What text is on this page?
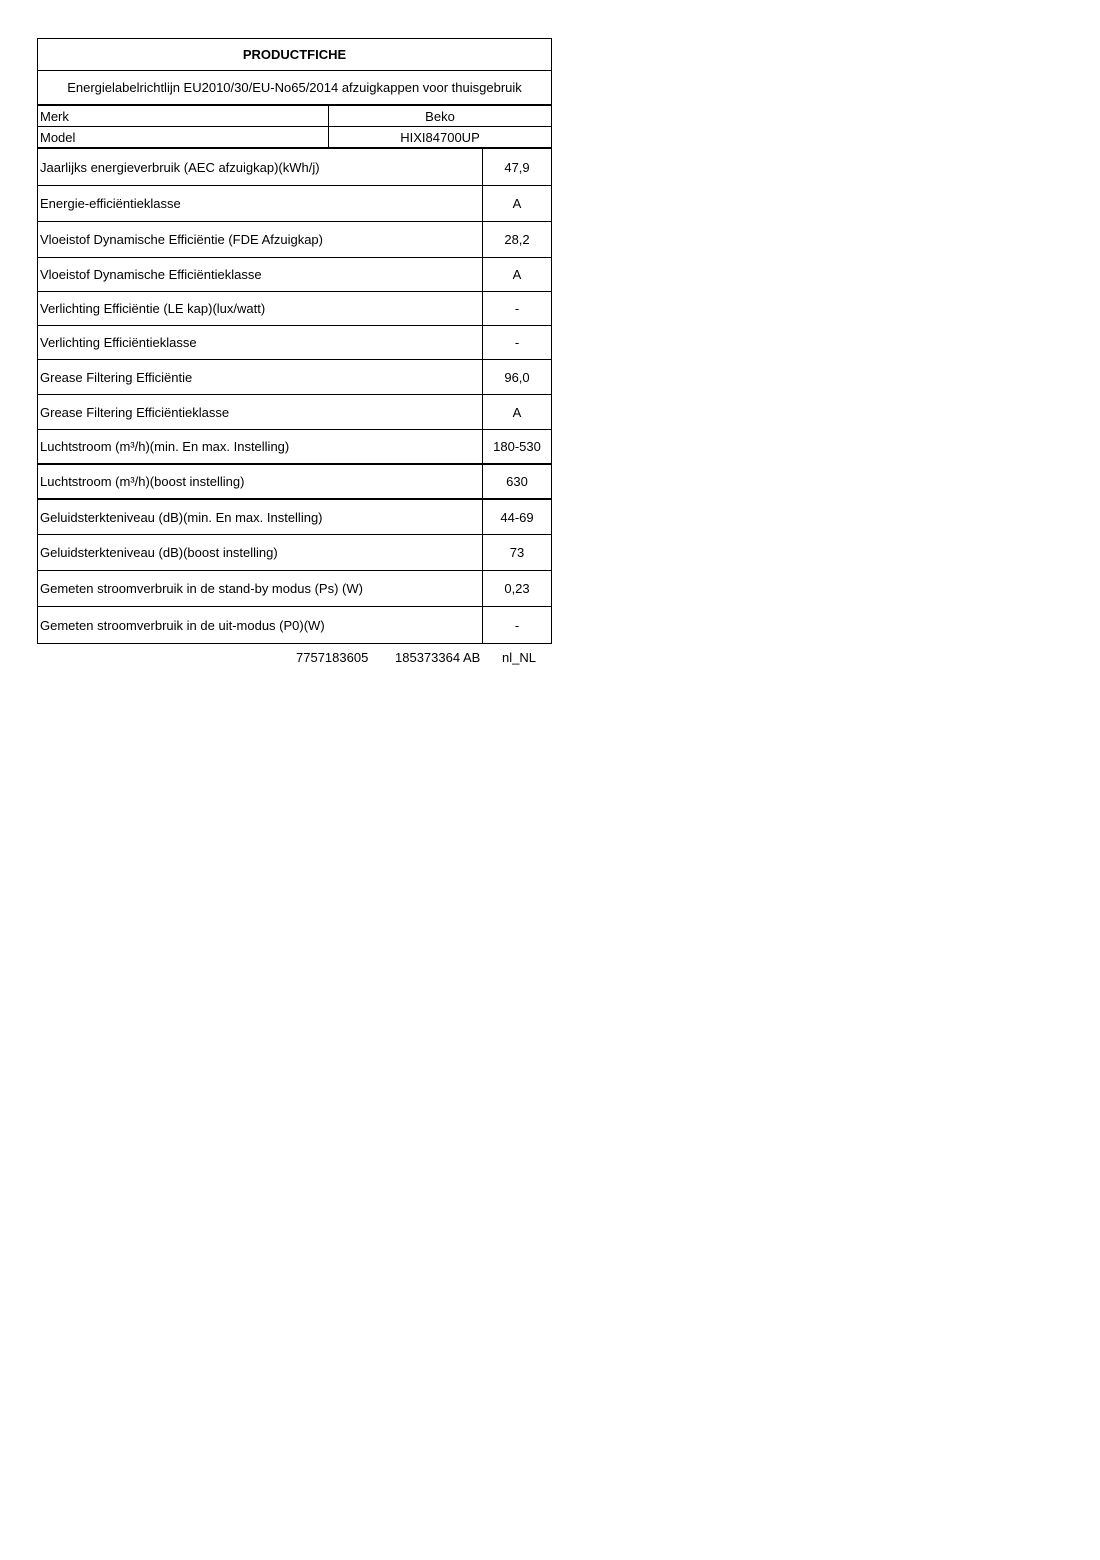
PRODUCTFICHE
Energielabelrichtlijn EU2010/30/EU-No65/2014 afzuigkappen voor thuisgebruik
Merk	Beko
Model	HIXI84700UP
Jaarlijks energieverbruik (AEC afzuigkap)(kWh/j)	47,9
Energie-efficiëntieklasse	A
Vloeistof Dynamische Efficiëntie (FDE Afzuigkap)	28,2
Vloeistof Dynamische Efficiëntieklasse	A
Verlichting Efficiëntie (LE kap)(lux/watt)	-
Verlichting Efficiëntieklasse	-
Grease Filtering Efficiëntie	96,0
Grease Filtering Efficiëntieklasse	A
Luchtstroom (m³/h)(min. En max. Instelling)	180-530
Luchtstroom (m³/h)(boost instelling)	630
Geluidsterkteniveau (dB)(min. En max. Instelling)	44-69
Geluidsterkteniveau (dB)(boost instelling)	73
Gemeten stroomverbruik in de stand-by modus (Ps) (W)	0,23
Gemeten stroomverbruik in de uit-modus (P0)(W)	-
7757183605 185373364 AB nl_NL
